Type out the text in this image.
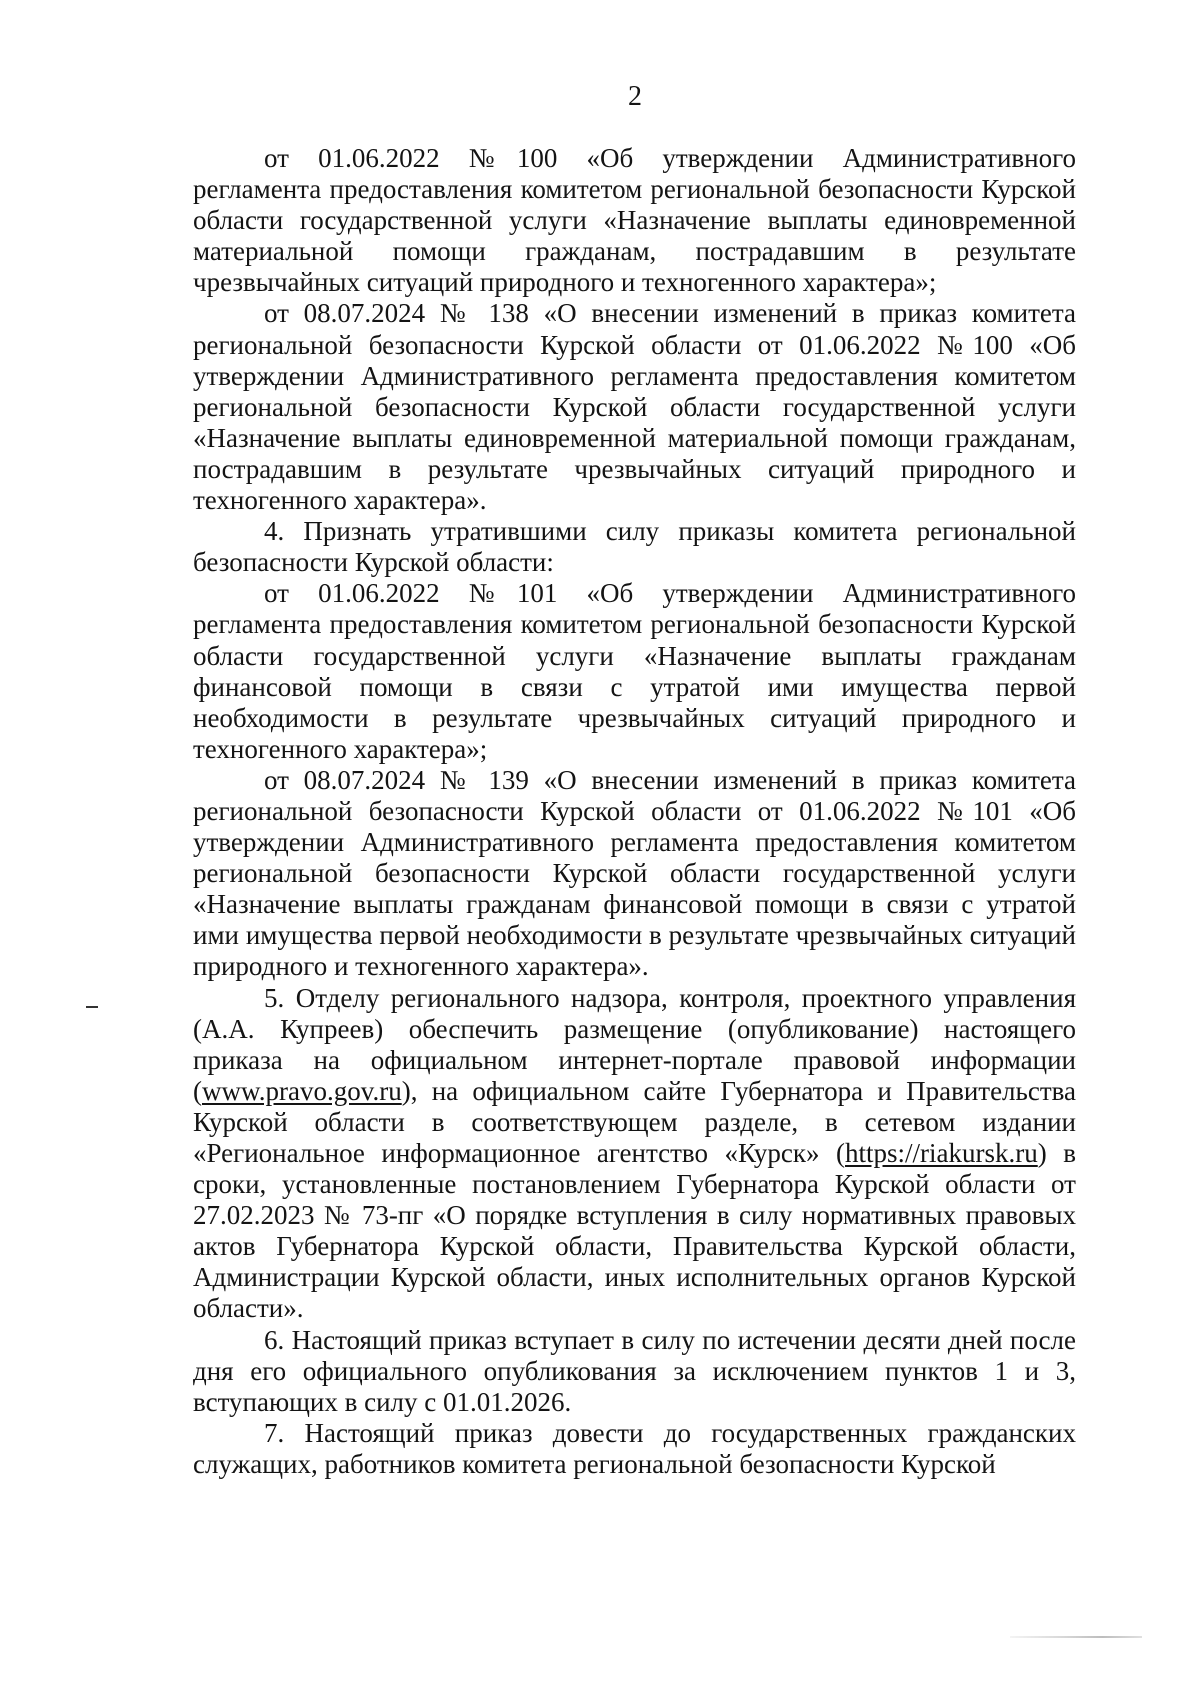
2

от 01.06.2022 №100 «Об утверждении Административного регламента предоставления комитетом региональной безопасности Курской области государственной услуги «Назначение выплаты единовременной материальной помощи гражданам, пострадавшим в результате чрезвычайных ситуаций природного и техногенного характера»;

от 08.07.2024 № 138 «О внесении изменений в приказ комитета региональной безопасности Курской области от 01.06.2022 №100 «Об утверждении Административного регламента предоставления комитетом региональной безопасности Курской области государственной услуги «Назначение выплаты единовременной материальной помощи гражданам, пострадавшим в результате чрезвычайных ситуаций природного и техногенного характера».

4. Признать утратившими силу приказы комитета региональной безопасности Курской области:

от 01.06.2022 №101 «Об утверждении Административного регламента предоставления комитетом региональной безопасности Курской области государственной услуги «Назначение выплаты гражданам финансовой помощи в связи с утратой ими имущества первой необходимости в результате чрезвычайных ситуаций природного и техногенного характера»;

от 08.07.2024 № 139 «О внесении изменений в приказ комитета региональной безопасности Курской области от 01.06.2022 №101 «Об утверждении Административного регламента предоставления комитетом региональной безопасности Курской области государственной услуги «Назначение выплаты гражданам финансовой помощи в связи с утратой ими имущества первой необходимости в результате чрезвычайных ситуаций природного и техногенного характера».

5. Отделу регионального надзора, контроля, проектного управления (А.А. Купреев) обеспечить размещение (опубликование) настоящего приказа на официальном интернет-портале правовой информации (www.pravo.gov.ru), на официальном сайте Губернатора и Правительства Курской области в соответствующем разделе, в сетевом издании «Региональное информационное агентство «Курск» (https://riakursk.ru) в сроки, установленные постановлением Губернатора Курской области от 27.02.2023 № 73-пг «О порядке вступления в силу нормативных правовых актов Губернатора Курской области, Правительства Курской области, Администрации Курской области, иных исполнительных органов Курской области».

6. Настоящий приказ вступает в силу по истечении десяти дней после дня его официального опубликования за исключением пунктов 1 и 3, вступающих в силу с 01.01.2026.

7. Настоящий приказ довести до государственных гражданских служащих, работников комитета региональной безопасности Курской
